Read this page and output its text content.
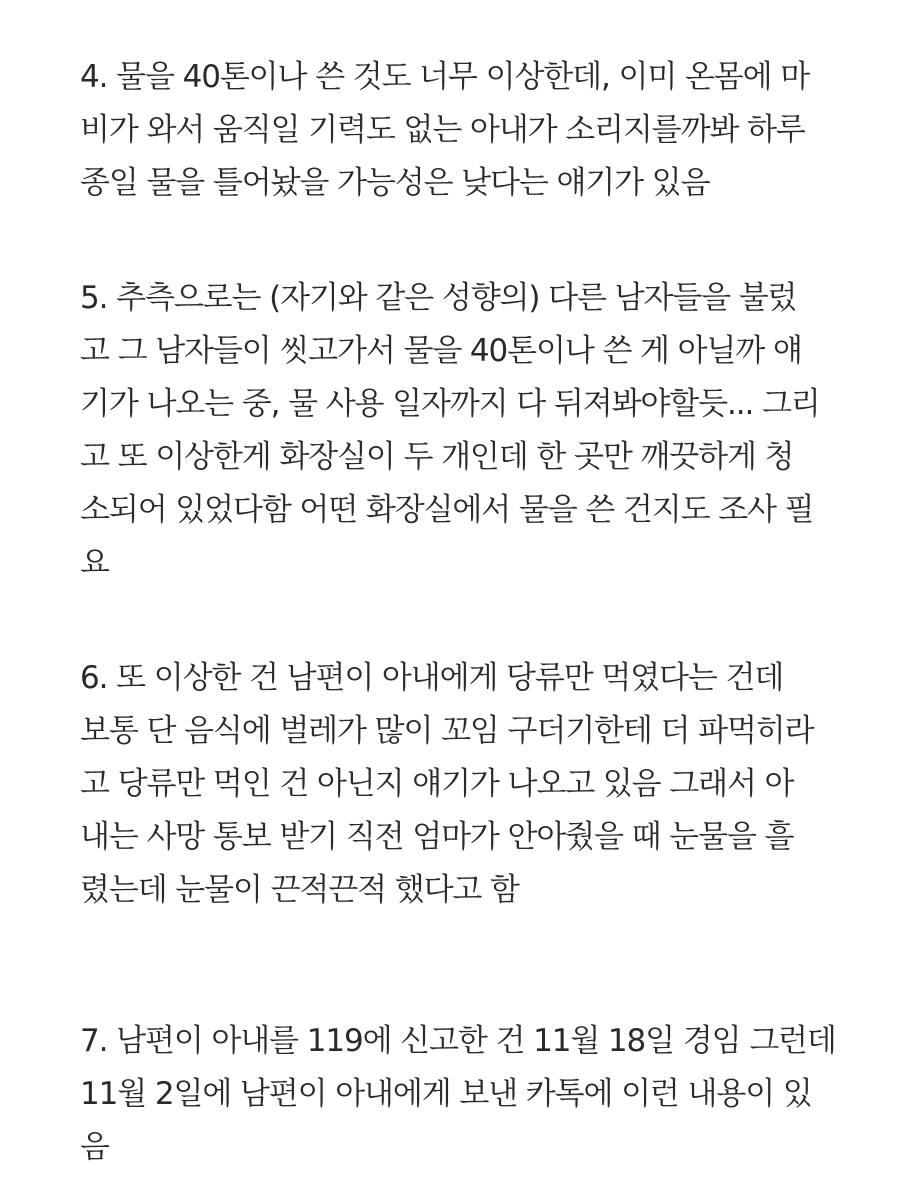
4. 물을 40톤이나 쓴 것도 너무 이상한데, 이미 온몸에 마
비가 와서 움직일 기력도 없는 아내가 소리지를까봐 하루
종일 물을 틀어놨을 가능성은 낮다는 얘기가 있음

5. 추측으로는 (자기와 같은 성향의) 다른 남자들을 불렀
고 그 남자들이 씻고가서 물을 40톤이나 쓴 게 아닐까 얘
기가 나오는 중, 물 사용 일자까지 다 뒤져봐야할듯... 그리
고 또 이상한게 화장실이 두 개인데 한 곳만 깨끗하게 청
소되어 있었다함 어떤 화장실에서 물을 쓴 건지도 조사 필
요

6. 또 이상한 건 남편이 아내에게 당류만 먹였다는 건데
보통 단 음식에 벌레가 많이 꼬임 구더기한테 더 파먹히라
고 당류만 먹인 건 아닌지 얘기가 나오고 있음 그래서 아
내는 사망 통보 받기 직전 엄마가 안아줬을 때 눈물을 흘
렸는데 눈물이 끈적끈적 했다고 함

7. 남편이 아내를 119에 신고한 건 11월 18일 경임 그런데
11월 2일에 남편이 아내에게 보낸 카톡에 이런 내용이 있
음
